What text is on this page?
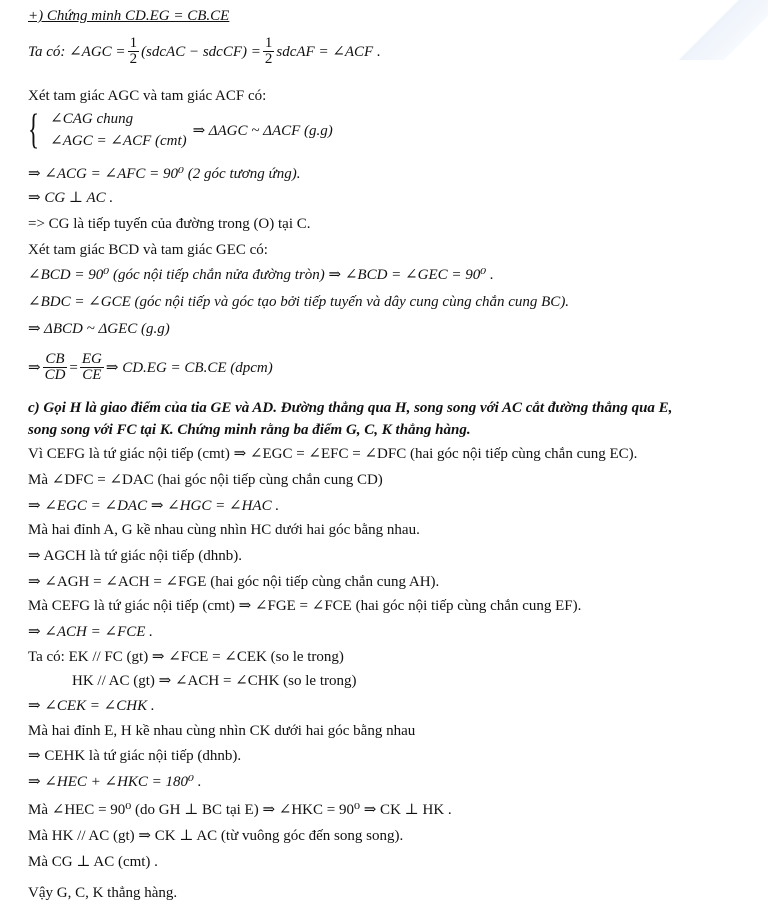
+) Chứng minh CD.EG = CB.CE
Ta có: ∠AGC = $\frac{1}{2}$ (sdcAC − sdcCF) = $\frac{1}{2}$ sdcAF = ∠ACF .
Xét tam giác AGC và tam giác ACF có:
{ ∠CAG chung
∠AGC = ∠ACF (cmt)
⇒ ΔAGC ~ ΔACF (g.g)
⇒ ∠ACG = ∠AFC = 90⁰ (2 góc tương ứng).
⇒ CG ⊥ AC .
=> CG là tiếp tuyến của đường trong (O) tại C.
Xét tam giác BCD và tam giác GEC có:
∠BCD = 90⁰ (góc nội tiếp chắn nửa đường tròn) ⇒ ∠BCD = ∠GEC = 90⁰ .
∠BDC = ∠GCE (góc nội tiếp và góc tạo bởi tiếp tuyến và dây cung cùng chắn cung BC).
⇒ ΔBCD ~ ΔGEC (g.g)
⇒ $\frac{CB}{CD} = \frac{EG}{CE}$ ⇒ CD.EG = CB.CE (dpcm)
c) Gọi H là giao điểm của tia GE và AD. Đường thẳng qua H, song song với AC cắt đường thẳng qua E,
song song với FC tại K. Chứng minh rằng ba điểm G, C, K thẳng hàng.
Vì CEFG là tứ giác nội tiếp (cmt) ⇒ ∠EGC = ∠EFC = ∠DFC (hai góc nội tiếp cùng chắn cung EC).
Mà ∠DFC = ∠DAC (hai góc nội tiếp cùng chắn cung CD)
⇒ ∠EGC = ∠DAC ⇒ ∠HGC = ∠HAC .
Mà hai đỉnh A, G kề nhau cùng nhìn HC dưới hai góc bằng nhau.
⇒ AGCH là tứ giác nội tiếp (dhnb).
⇒ ∠AGH = ∠ACH = ∠FGE (hai góc nội tiếp cùng chắn cung AH).
Mà CEFG là tứ giác nội tiếp (cmt) ⇒ ∠FGE = ∠FCE (hai góc nội tiếp cùng chắn cung EF).
⇒ ∠ACH = ∠FCE .
Ta có: EK // FC (gt) ⇒ ∠FCE = ∠CEK (so le trong)
HK // AC (gt) ⇒ ∠ACH = ∠CHK (so le trong)
⇒ ∠CEK = ∠CHK .
Mà hai đỉnh E, H kề nhau cùng nhìn CK dưới hai góc bằng nhau
⇒ CEHK là tứ giác nội tiếp (dhnb).
⇒ ∠HEC + ∠HKC = 180⁰ .
Mà ∠HEC = 90⁰ (do GH ⊥ BC tại E) ⇒ ∠HKC = 90⁰ ⇒ CK ⊥ HK .
Mà HK // AC (gt) ⇒ CK ⊥ AC (từ vuông góc đến song song).
Mà CG ⊥ AC (cmt) .
Vậy G, C, K thẳng hàng.
